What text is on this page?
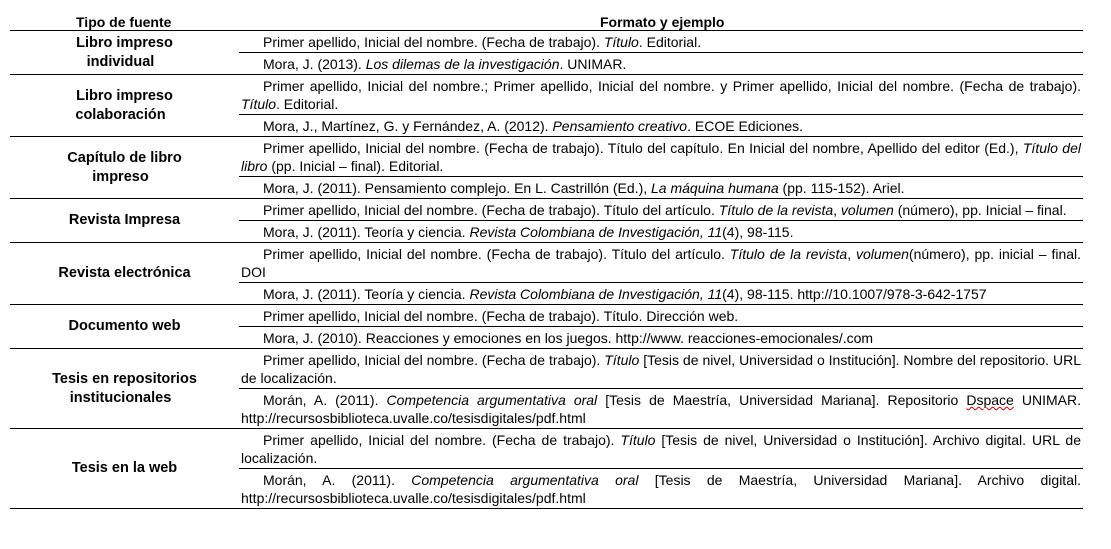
Tipo de fuente	Formato y ejemplo
Libro impreso
individual
Primer apellido, Inicial del nombre. (Fecha de trabajo). Título. Editorial.
Mora, J. (2013). Los dilemas de la investigación. UNIMAR.
Libro impreso
colaboración
Primer apellido, Inicial del nombre.; Primer apellido, Inicial del nombre. y Primer apellido, Inicial del nombre. (Fecha de trabajo). Título. Editorial.
Mora, J., Martínez, G. y Fernández, A. (2012). Pensamiento creativo. ECOE Ediciones.
Capítulo de libro
impreso
Primer apellido, Inicial del nombre. (Fecha de trabajo). Título del capítulo. En Inicial del nombre, Apellido del editor (Ed.), Título del libro (pp. Inicial – final). Editorial.
Mora, J. (2011). Pensamiento complejo. En L. Castrillón (Ed.), La máquina humana (pp. 115-152). Ariel.
Revista Impresa
Primer apellido, Inicial del nombre. (Fecha de trabajo). Título del artículo. Título de la revista, volumen (número), pp. Inicial – final.
Mora, J. (2011). Teoría y ciencia. Revista Colombiana de Investigación, 11(4), 98-115.
Revista electrónica
Primer apellido, Inicial del nombre. (Fecha de trabajo). Título del artículo. Título de la revista, volumen(número), pp. inicial – final. DOI
Mora, J. (2011). Teoría y ciencia. Revista Colombiana de Investigación, 11(4), 98-115. http://10.1007/978-3-642-1757
Documento web
Primer apellido, Inicial del nombre. (Fecha de trabajo). Título. Dirección web.
Mora, J. (2010). Reacciones y emociones en los juegos. http://www. reacciones-emocionales/.com
Tesis en repositorios
institucionales
Primer apellido, Inicial del nombre. (Fecha de trabajo). Título [Tesis de nivel, Universidad o Institución]. Nombre del repositorio. URL de localización.
Morán, A. (2011). Competencia argumentativa oral [Tesis de Maestría, Universidad Mariana]. Repositorio Dspace UNIMAR. http://recursosbiblioteca.uvalle.co/tesisdigitales/pdf.html
Tesis en la web
Primer apellido, Inicial del nombre. (Fecha de trabajo). Título [Tesis de nivel, Universidad o Institución]. Archivo digital. URL de localización.
Morán, A. (2011). Competencia argumentativa oral [Tesis de Maestría, Universidad Mariana]. Archivo digital. http://recursosbiblioteca.uvalle.co/tesisdigitales/pdf.html
